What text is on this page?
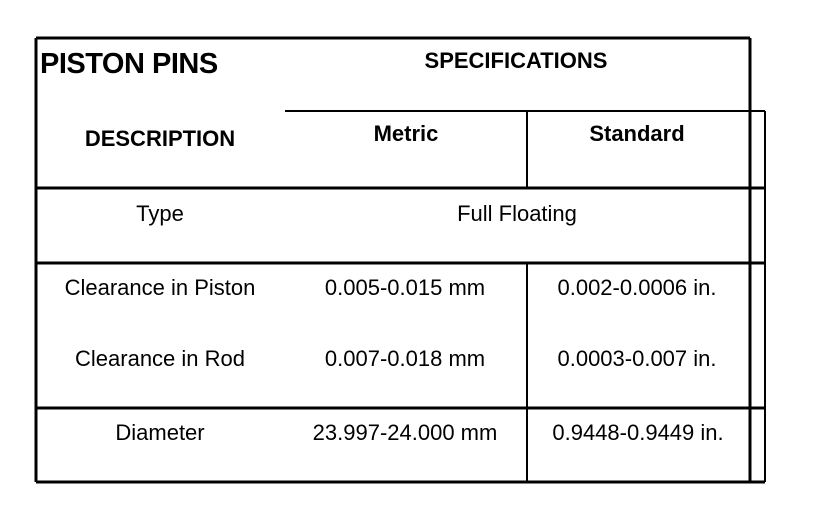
PISTON PINS	SPECIFICATIONS
DESCRIPTION	Metric	Standard
Type	Full Floating
Clearance in Piston	0.005-0.015 mm	0.002-0.0006 in.
Clearance in Rod	0.007-0.018 mm	0.0003-0.007 in.
Diameter	23.997-24.000 mm	0.9448-0.9449 in.
